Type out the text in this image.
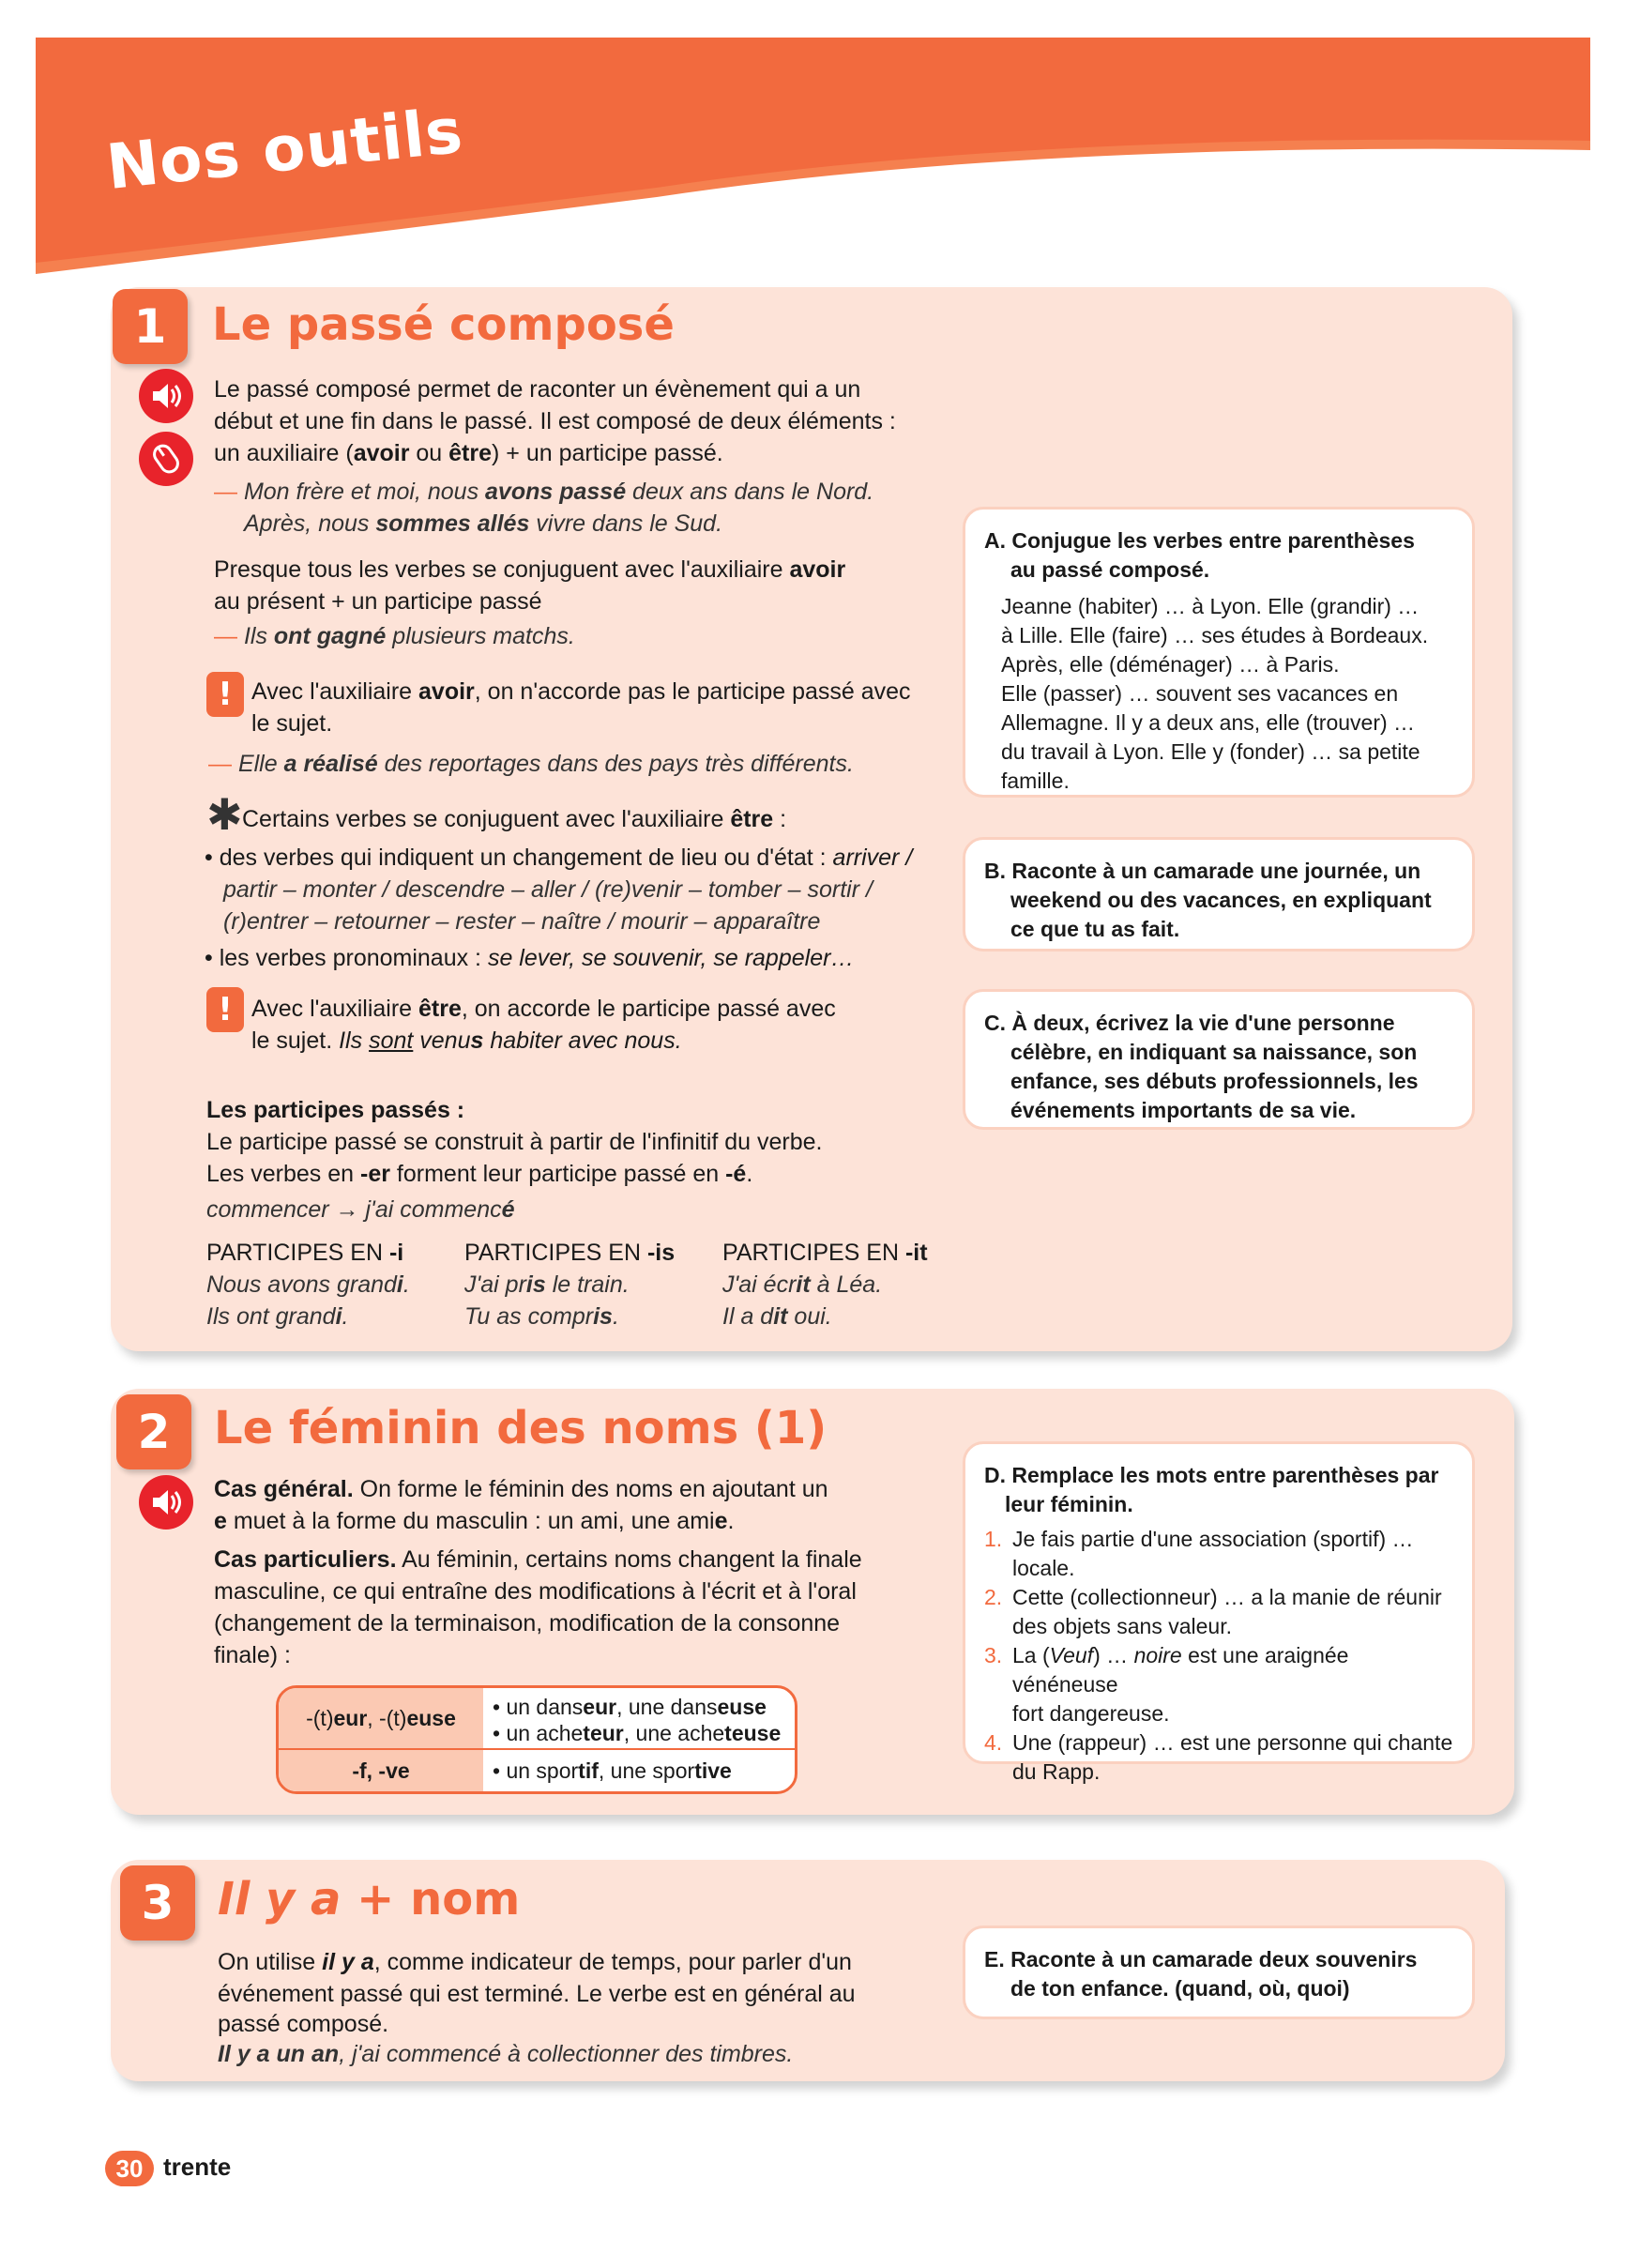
Nos outils
1	Le passé composé
Le passé composé permet de raconter un évènement qui a un
début et une fin dans le passé. Il est composé de deux éléments :
un auxiliaire (avoir ou être) + un participe passé.
— Mon frère et moi, nous avons passé deux ans dans le Nord.
Après, nous sommes allés vivre dans le Sud.
Presque tous les verbes se conjuguent avec l'auxiliaire avoir
au présent + un participe passé
— Ils ont gagné plusieurs matchs.
! Avec l'auxiliaire avoir, on n'accorde pas le participe passé avec
le sujet.
— Elle a réalisé des reportages dans des pays très différents.
✱ Certains verbes se conjuguent avec l'auxiliaire être :
• des verbes qui indiquent un changement de lieu ou d'état : arriver /
partir – monter / descendre – aller / (re)venir – tomber – sortir /
(r)entrer – retourner – rester – naître / mourir – apparaître
• les verbes pronominaux : se lever, se souvenir, se rappeler…
! Avec l'auxiliaire être, on accorde le participe passé avec
le sujet. Ils sont venus habiter avec nous.
Les participes passés :
Le participe passé se construit à partir de l'infinitif du verbe.
Les verbes en -er forment leur participe passé en -é.
commencer → j'ai commencé
PARTICIPES EN -i
Nous avons grandi.
Ils ont grandi.
PARTICIPES EN -is
J'ai pris le train.
Tu as compris.
PARTICIPES EN -it
J'ai écrit à Léa.
Il a dit oui.
A. Conjugue les verbes entre parenthèses
au passé composé.
Jeanne (habiter) … à Lyon. Elle (grandir) …
à Lille. Elle (faire) … ses études à Bordeaux.
Après, elle (déménager) … à Paris.
Elle (passer) … souvent ses vacances en
Allemagne. Il y a deux ans, elle (trouver) …
du travail à Lyon. Elle y (fonder) … sa petite
famille.
B. Raconte à un camarade une journée, un
weekend ou des vacances, en expliquant
ce que tu as fait.
C. À deux, écrivez la vie d'une personne
célèbre, en indiquant sa naissance, son
enfance, ses débuts professionnels, les
événements importants de sa vie.
2 Le féminin des noms (1)
Cas général. On forme le féminin des noms en ajoutant un
e muet à la forme du masculin : un ami, une amie.
Cas particuliers. Au féminin, certains noms changent la finale
masculine, ce qui entraîne des modifications à l'écrit et à l'oral
(changement de la terminaison, modification de la consonne
finale) :
-(t) eur , -(t) euse • un danseur, une danseuse
• un acheteur, une acheteuse
-f , -ve	• un sportif, une sportive
D. Remplace les mots entre parenthèses par
leur féminin.
1. Je fais partie d'une association (sportif) …
locale.
2. Cette (collectionneur) … a la manie de réunir
des objets sans valeur.
3. La (Veuf) … noire est une araignée vénéneuse
fort dangereuse.
4. Une (rappeur) … est une personne qui chante
du Rapp.
3 Il y a + nom
On utilise il y a, comme indicateur de temps, pour parler d'un
événement passé qui est terminé. Le verbe est en général au
passé composé.
Il y a un an, j'ai commencé à collectionner des timbres.
E. Raconte à un camarade deux souvenirs
de ton enfance. (quand, où, quoi)
30 trente
